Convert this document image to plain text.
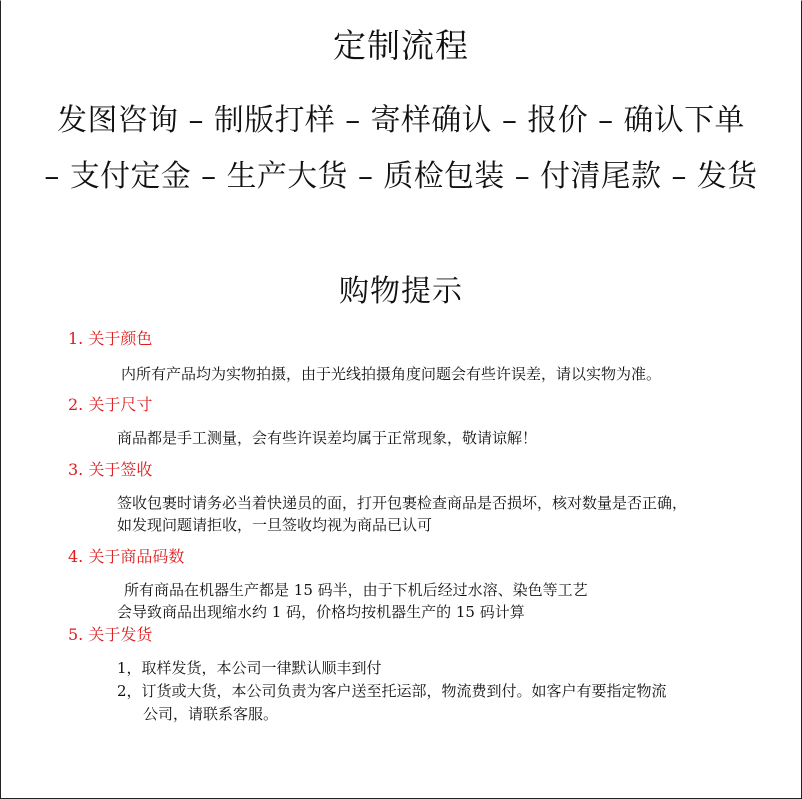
定制流程
发图咨询 – 制版打样 – 寄样确认 – 报价 – 确认下单
– 支付定金 – 生产大货 – 质检包装 – 付清尾款 – 发货
购物提示
1. 关于颜色
内所有产品均为实物拍摄，由于光线拍摄角度问题会有些许误差，请以实物为准。
2. 关于尺寸
商品都是手工测量，会有些许误差均属于正常现象，敬请谅解！
3. 关于签收
签收包裹时请务必当着快递员的面，打开包裹检查商品是否损坏，核对数量是否正确，
如发现问题请拒收，一旦签收均视为商品已认可
4. 关于商品码数
所有商品在机器生产都是 15 码半，由于下机后经过水溶、染色等工艺
会导致商品出现缩水约 1 码，价格均按机器生产的 15 码计算
5. 关于发货
1，取样发货，本公司一律默认顺丰到付
2，订货或大货，本公司负责为客户送至托运部，物流费到付。如客户有要指定物流
公司，请联系客服。
